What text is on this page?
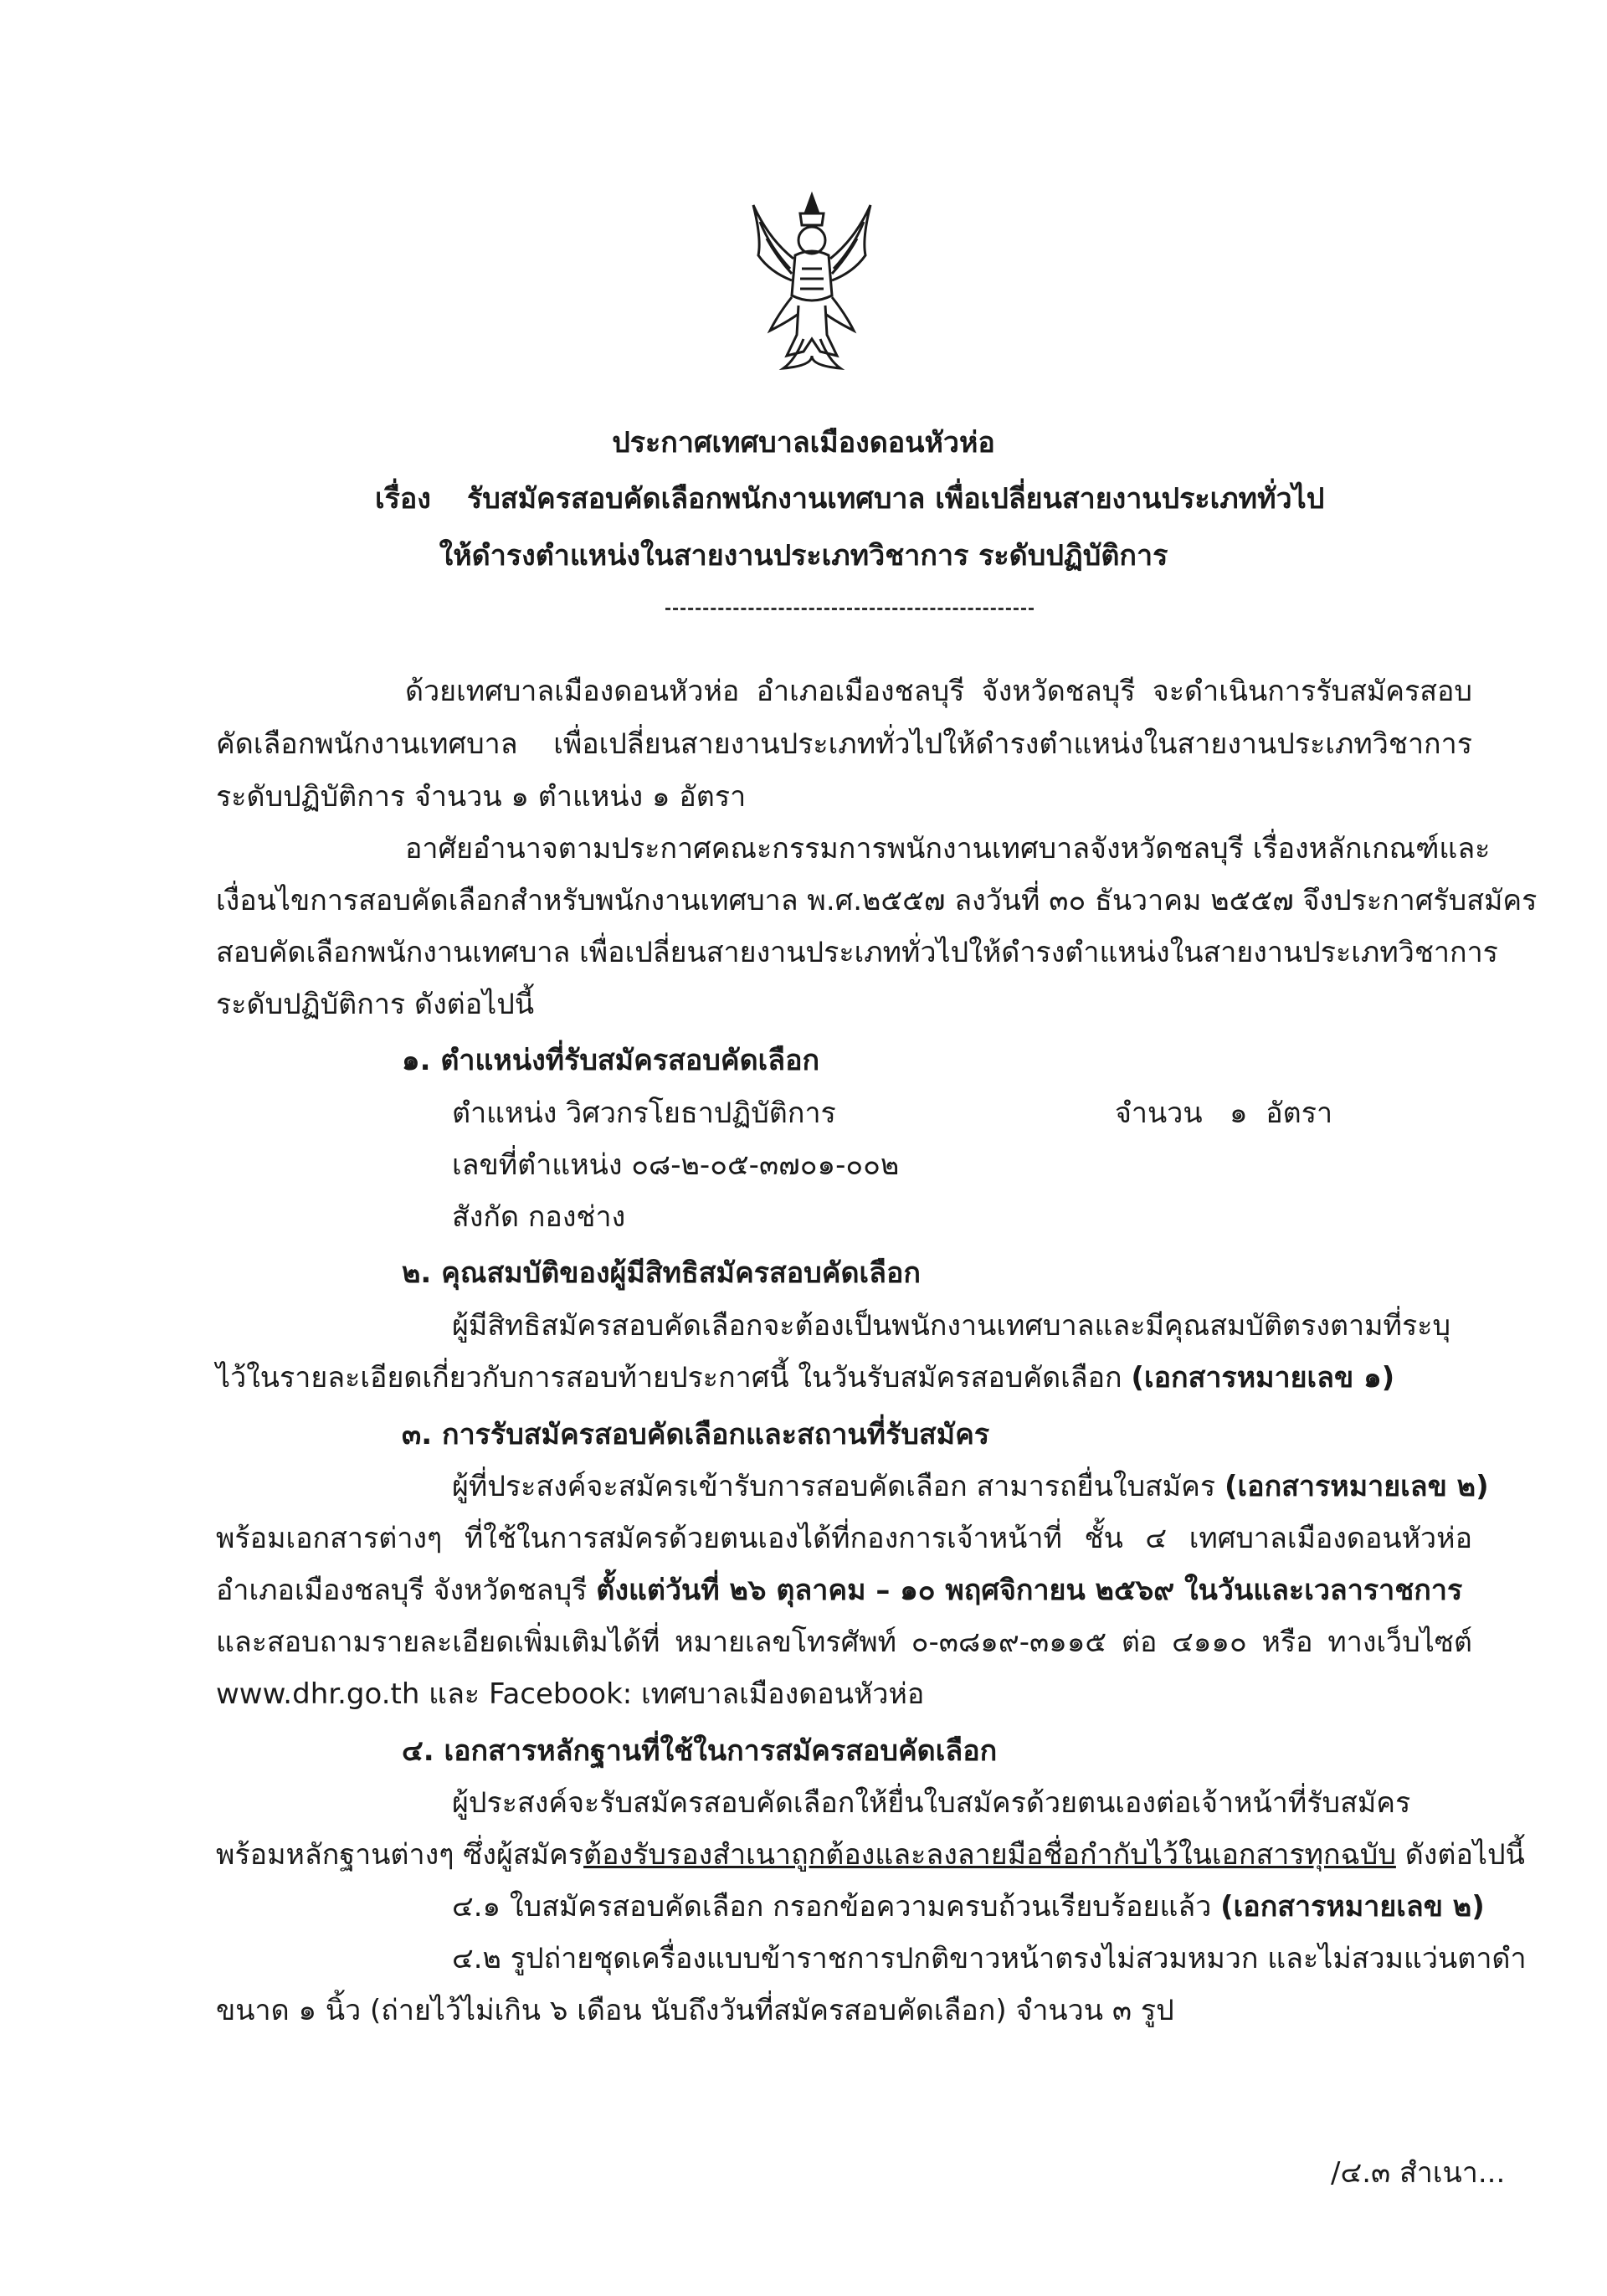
ประกาศเทศบาลเมืองดอนหัวห่อ
เรื่อง รับสมัครสอบคัดเลือกพนักงานเทศบาล เพื่อเปลี่ยนสายงานประเภททั่วไป
ให้ดำรงตำแหน่งในสายงานประเภทวิชาการ ระดับปฏิบัติการ
ด้วยเทศบาลเมืองดอนหัวห่อ อำเภอเมืองชลบุรี จังหวัดชลบุรี จะดำเนินการรับสมัครสอบ
คัดเลือกพนักงานเทศบาล เพื่อเปลี่ยนสายงานประเภททั่วไปให้ดำรงตำแหน่งในสายงานประเภทวิชาการ
ระดับปฏิบัติการ จำนวน ๑ ตำแหน่ง ๑ อัตรา
อาศัยอำนาจตามประกาศคณะกรรมการพนักงานเทศบาลจังหวัดชลบุรี เรื่องหลักเกณฑ์และ
เงื่อนไขการสอบคัดเลือกสำหรับพนักงานเทศบาล พ.ศ.๒๕๕๗ ลงวันที่ ๓๐ ธันวาคม ๒๕๕๗ จึงประกาศรับสมัคร
สอบคัดเลือกพนักงานเทศบาล เพื่อเปลี่ยนสายงานประเภททั่วไปให้ดำรงตำแหน่งในสายงานประเภทวิชาการ
ระดับปฏิบัติการ ดังต่อไปนี้
๑. ตำแหน่งที่รับสมัครสอบคัดเลือก
ตำแหน่ง วิศวกรโยธาปฏิบัติการ	จำนวน   ๑  อัตรา
เลขที่ตำแหน่ง ๐๘-๒-๐๕-๓๗๐๑-๐๐๒
สังกัด กองช่าง
๒. คุณสมบัติของผู้มีสิทธิสมัครสอบคัดเลือก
ผู้มีสิทธิสมัครสอบคัดเลือกจะต้องเป็นพนักงานเทศบาลและมีคุณสมบัติตรงตามที่ระบุ
ไว้ในรายละเอียดเกี่ยวกับการสอบท้ายประกาศนี้ ในวันรับสมัครสอบคัดเลือก (เอกสารหมายเลข ๑)
๓. การรับสมัครสอบคัดเลือกและสถานที่รับสมัคร
ผู้ที่ประสงค์จะสมัครเข้ารับการสอบคัดเลือก สามารถยื่นใบสมัคร (เอกสารหมายเลข ๒)
พร้อมเอกสารต่างๆ ที่ใช้ในการสมัครด้วยตนเองได้ที่กองการเจ้าหน้าที่ ชั้น ๔ เทศบาลเมืองดอนหัวห่อ
อำเภอเมืองชลบุรี จังหวัดชลบุรี ตั้งแต่วันที่ ๒๖ ตุลาคม – ๑๐ พฤศจิกายน ๒๕๖๙ ในวันและเวลาราชการ
และสอบถามรายละเอียดเพิ่มเติมได้ที่ หมายเลขโทรศัพท์ ๐-๓๘๑๙-๓๑๑๕ ต่อ ๔๑๑๐ หรือ ทางเว็บไซต์
www.dhr.go.th และ Facebook: เทศบาลเมืองดอนหัวห่อ
๔. เอกสารหลักฐานที่ใช้ในการสมัครสอบคัดเลือก
ผู้ประสงค์จะรับสมัครสอบคัดเลือกให้ยื่นใบสมัครด้วยตนเองต่อเจ้าหน้าที่รับสมัคร
พร้อมหลักฐานต่างๆ ซึ่งผู้สมัครต้องรับรองสำเนาถูกต้องและลงลายมือชื่อกำกับไว้ในเอกสารทุกฉบับ ดังต่อไปนี้
๔.๑ ใบสมัครสอบคัดเลือก กรอกข้อความครบถ้วนเรียบร้อยแล้ว (เอกสารหมายเลข ๒)
๔.๒ รูปถ่ายชุดเครื่องแบบข้าราชการปกติขาวหน้าตรงไม่สวมหมวก และไม่สวมแว่นตาดำ
ขนาด ๑ นิ้ว (ถ่ายไว้ไม่เกิน ๖ เดือน นับถึงวันที่สมัครสอบคัดเลือก) จำนวน ๓ รูป
/๔.๓ สำเนา...
